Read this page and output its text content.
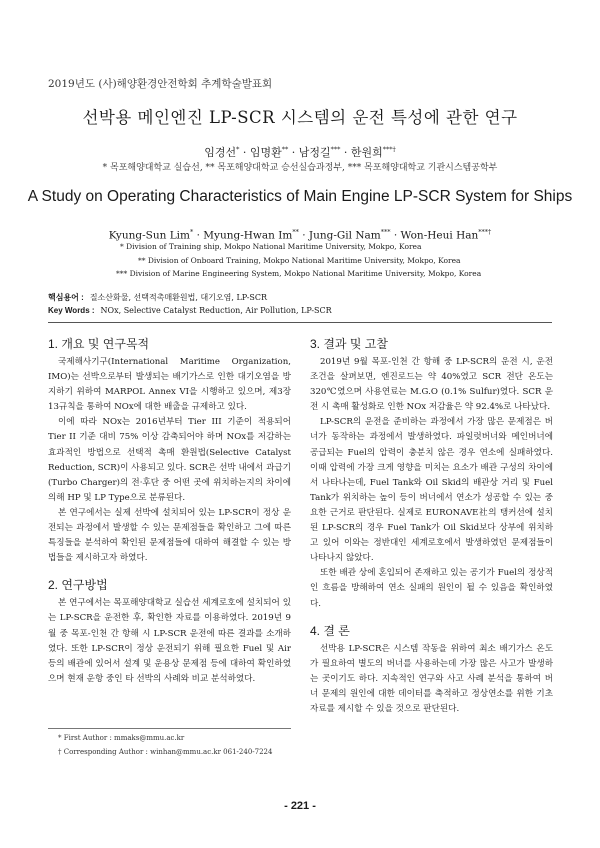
2019년도 (사)해양환경안전학회 추계학술발표회
선박용 메인엔진 LP-SCR 시스템의 운전 특성에 관한 연구
임경선* · 임명환** · 남정길*** · 한원희***†
* 목포해양대학교 실습선, ** 목포해양대학교 승선실습과정부, *** 목포해양대학교 기관시스템공학부
A Study on Operating Characteristics of Main Engine LP-SCR System for Ships
Kyung-Sun Lim* · Myung-Hwan Im** · Jung-Gil Nam*** · Won-Heui Han***†
* Division of Training ship, Mokpo National Maritime University, Mokpo, Korea
** Division of Onboard Training, Mokpo National Maritime University, Mokpo, Korea
*** Division of Marine Engineering System, Mokpo National Maritime University, Mokpo, Korea
핵심용어 : 질소산화물, 선택적촉매환원법, 대기오염, LP-SCR
Key Words : NOx, Selective Catalyst Reduction, Air Pollution, LP-SCR
1. 개요 및 연구목적

국제해사기구(International Maritime Organization, IMO)는 선박으로부터 발생되는 배기가스로 인한 대기오염을 방지하기 위하여 MARPOL Annex VI을 시행하고 있으며, 제3장 13규칙을 통하여 NOx에 대한 배출을 규제하고 있다.

이에 따라 NOx는 2016년부터 Tier III 기준이 적용되어 Tier II 기준 대비 75% 이상 감축되어야 하며 NOx를 저감하는 효과적인 방법으로 선택적 촉매 환원법(Selective Catalyst Reduction, SCR)이 사용되고 있다. SCR은 선박 내에서 과급기(Turbo Charger)의 전·후단 중 어떤 곳에 위치하는지의 차이에 의해 HP 및 LP Type으로 분류된다.

본 연구에서는 실제 선박에 설치되어 있는 LP-SCR이 정상 운전되는 과정에서 발생할 수 있는 문제점들을 확인하고 그에 따른 특징들을 분석하여 확인된 문제점들에 대하여 해결할 수 있는 방법들을 제시하고자 하였다.

2. 연구방법

본 연구에서는 목포해양대학교 실습선 세계로호에 설치되어 있는 LP-SCR을 운전한 후, 확인한 자료를 이용하였다. 2019년 9월 중 목포-인천 간 항해 시 LP-SCR 운전에 따른 결과를 소개하였다. 또한 LP-SCR이 정상 운전되기 위해 필요한 Fuel 및 Air 등의 배관에 있어서 설계 및 운용상 문제점 등에 대하여 확인하였으며 현재 운항 중인 타 선박의 사례와 비교 분석하였다.

3. 결과 및 고찰

2019년 9월 목포-인천 간 항해 중 LP-SCR의 운전 시, 운전 조건을 살펴보면, 엔진로드는 약 40%였고 SCR 전단 온도는 320℃였으며 사용연료는 M.G.O (0.1% Sulfur)였다. SCR 운전 시 촉매 활성화로 인한 NOx 저감율은 약 92.4%로 나타났다.

LP-SCR의 운전을 준비하는 과정에서 가장 많은 문제점은 버너가 동작하는 과정에서 발생하였다. 파일럿버너와 메인버너에 공급되는 Fuel의 압력이 충분치 않은 경우 연소에 실패하였다. 이때 압력에 가장 크게 영향을 미치는 요소가 배관 구성의 차이에서 나타나는데, Fuel Tank와 Oil Skid의 배관상 거리 및 Fuel Tank가 위치하는 높이 등이 버너에서 연소가 성공할 수 있는 중요한 근거로 판단된다. 실제로 EURONAVE社의 탱커선에 설치된 LP-SCR의 경우 Fuel Tank가 Oil Skid보다 상부에 위치하고 있어 이와는 정반대인 세계로호에서 발생하였던 문제점들이 나타나지 않았다.

또한 배관 상에 혼입되어 존재하고 있는 공기가 Fuel의 정상적인 흐름을 방해하여 연소 실패의 원인이 될 수 있음을 확인하였다.

4. 결 론

선박용 LP-SCR은 시스템 작동을 위하여 최소 배기가스 온도가 필요하여 별도의 버너를 사용하는데 가장 많은 사고가 발생하는 곳이기도 하다. 지속적인 연구와 사고 사례 분석을 통하여 버너 문제의 원인에 대한 데이터를 축적하고 정상연소를 위한 기초 자료를 제시할 수 있을 것으로 판단된다.

* First Author : mmaks@mmu.ac.kr
† Corresponding Author : winhan@mmu.ac.kr 061-240-7224
- 221 -
